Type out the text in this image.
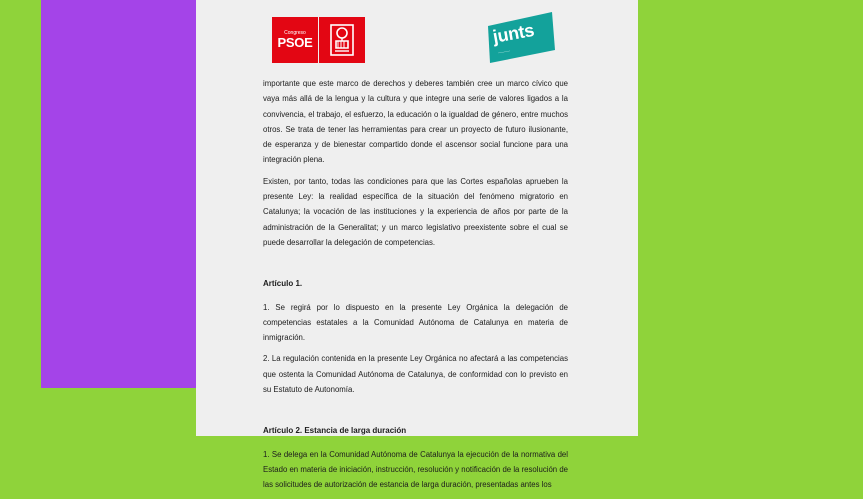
Congreso
PSOE	junts
———

importante que este marco de derechos y deberes también cree un marco cívico que vaya más allá de la lengua y la cultura y que integre una serie de valores ligados a la convivencia, el trabajo, el esfuerzo, la educación o la igualdad de género, entre muchos otros. Se trata de tener las herramientas para crear un proyecto de futuro ilusionante, de esperanza y de bienestar compartido donde el ascensor social funcione para una integración plena.

Existen, por tanto, todas las condiciones para que las Cortes españolas aprueben la presente Ley: la realidad específica de la situación del fenómeno migratorio en Catalunya; la vocación de las instituciones y la experiencia de años por parte de la administración de la Generalitat; y un marco legislativo preexistente sobre el cual se puede desarrollar la delegación de competencias.

Artículo 1.

1. Se regirá por lo dispuesto en la presente Ley Orgánica la delegación de competencias estatales a la Comunidad Autónoma de Catalunya en materia de inmigración.

2. La regulación contenida en la presente Ley Orgánica no afectará a las competencias que ostenta la Comunidad Autónoma de Catalunya, de conformidad con lo previsto en su Estatuto de Autonomía.

Artículo 2. Estancia de larga duración

1. Se delega en la Comunidad Autónoma de Catalunya la ejecución de la normativa del Estado en materia de iniciación, instrucción, resolución y notificación de la resolución de las solicitudes de autorización de estancia de larga duración, presentadas antes los
